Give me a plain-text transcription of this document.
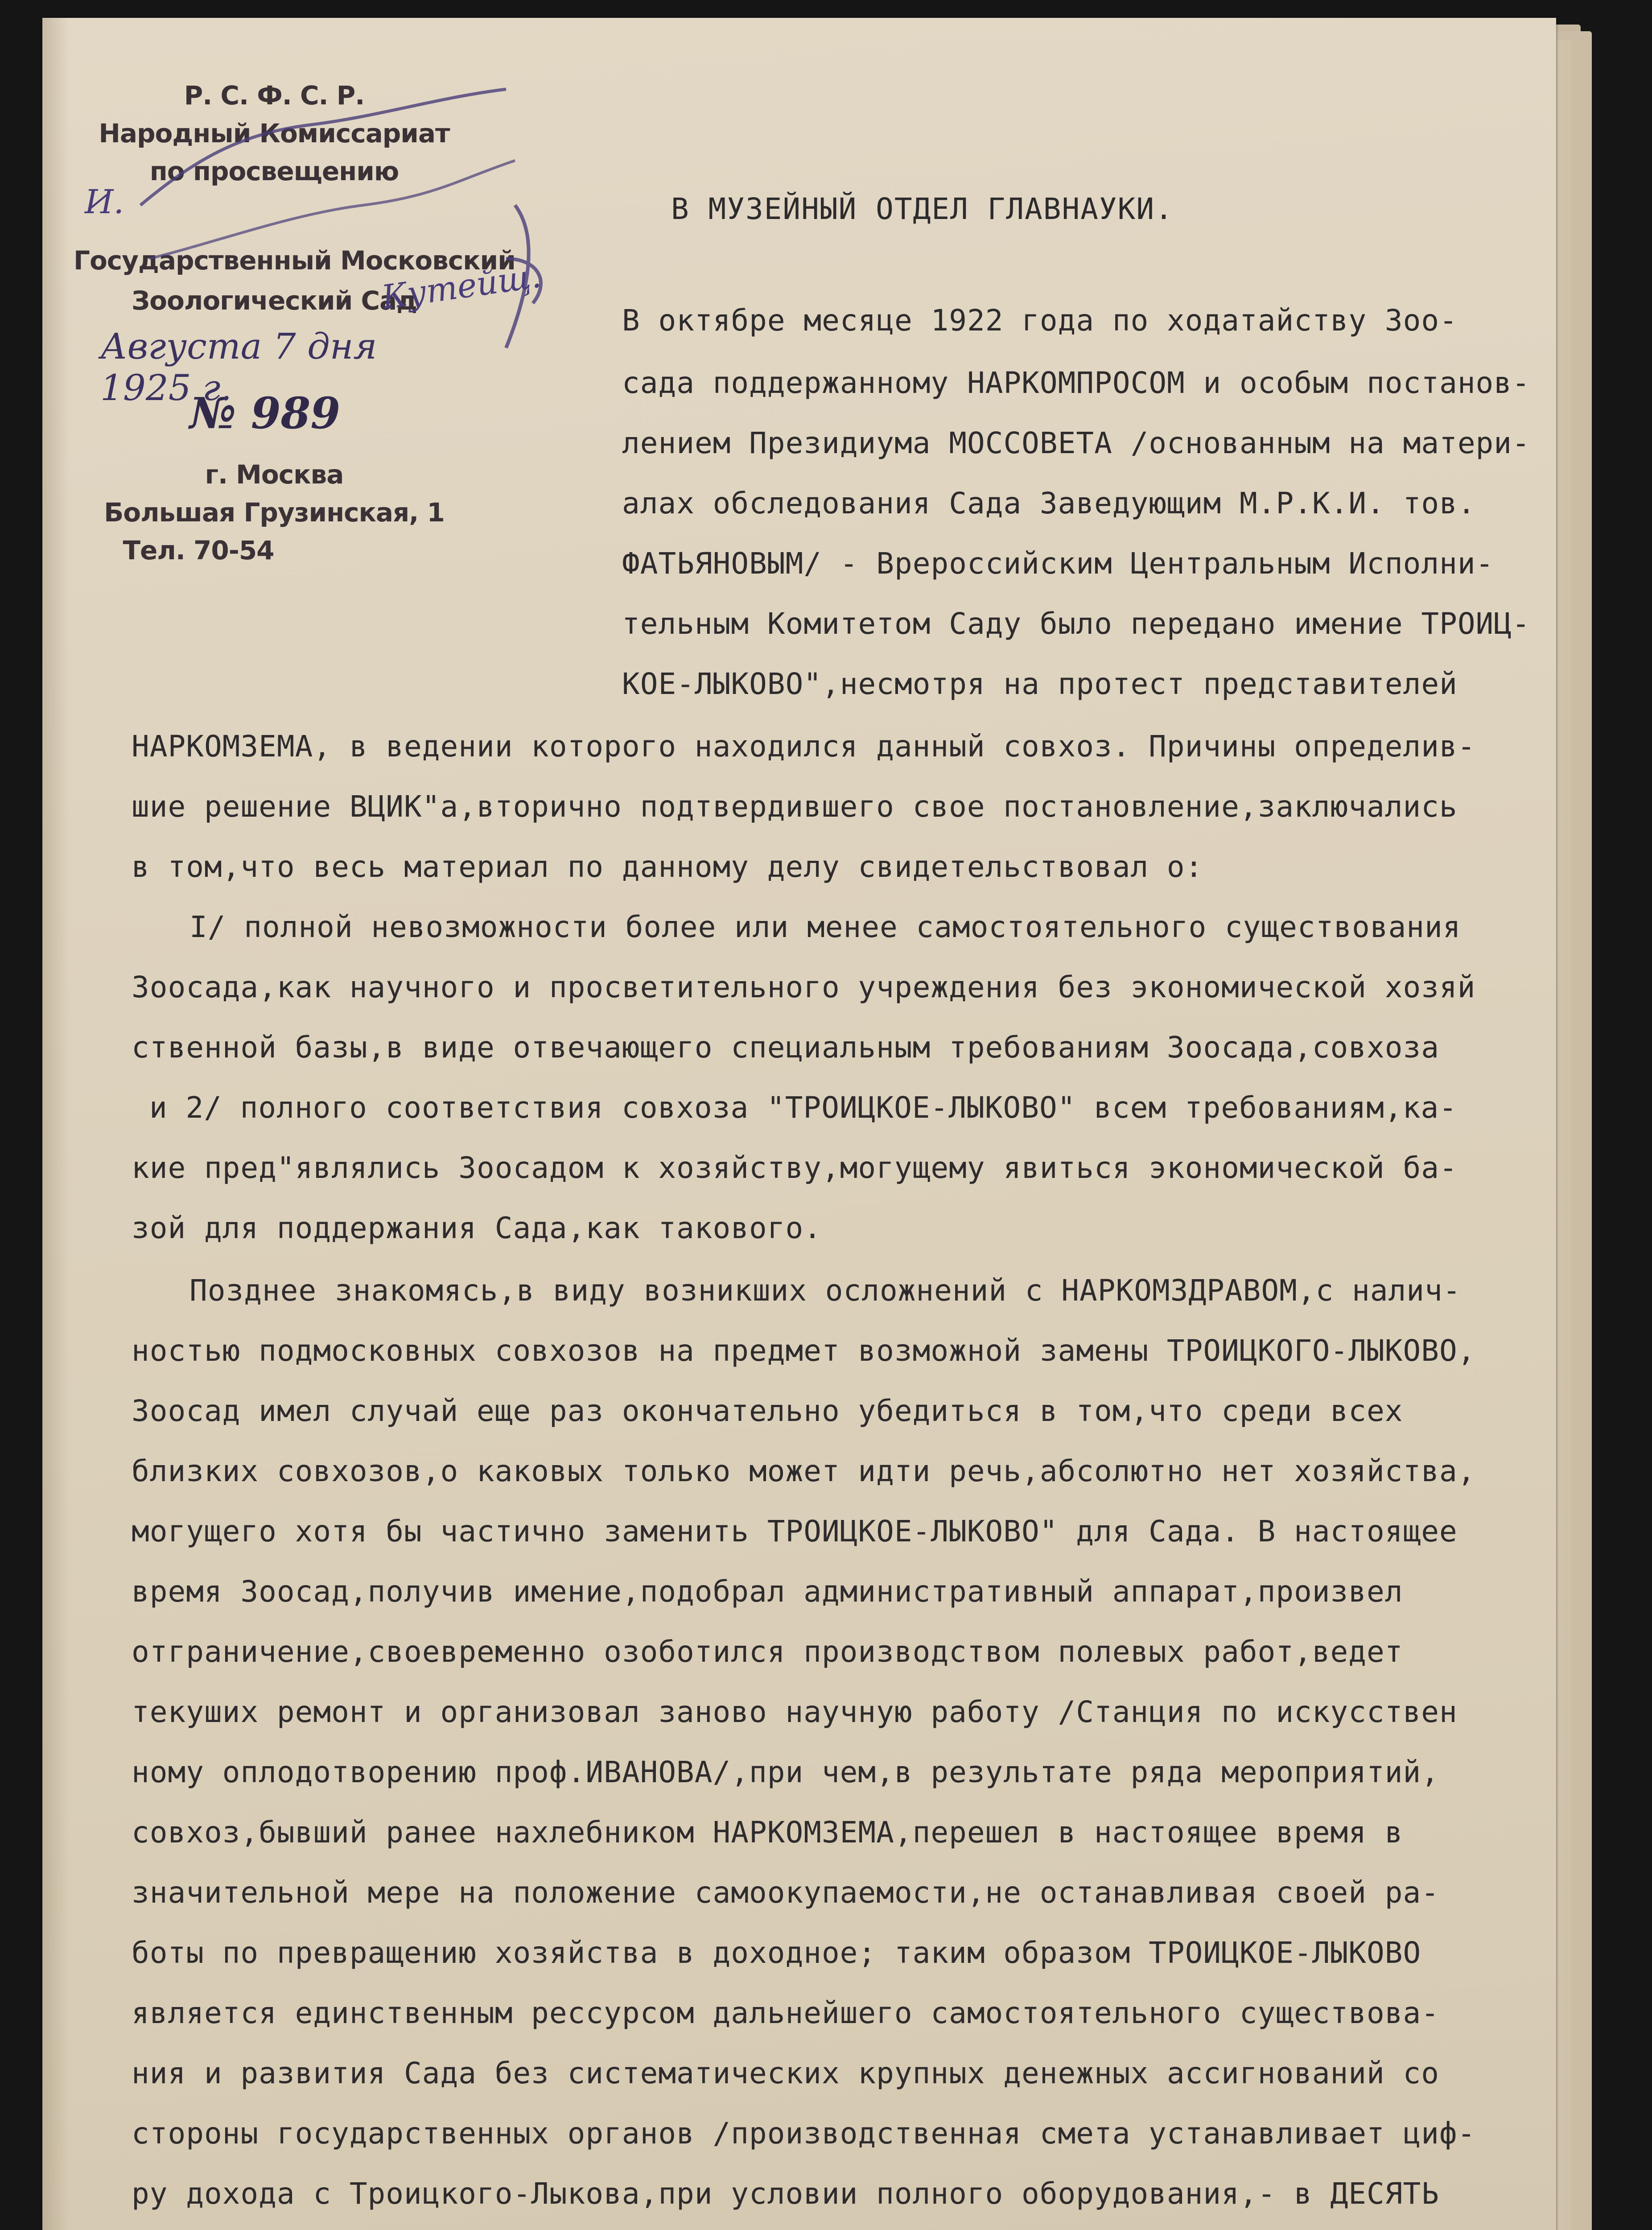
Р. С. Ф. С. Р.
Народный Комиссариат
по просвещению
Государственный Московский
Зоологический Сад
Августа 7 дня 1925 г.
№ 989
г. Москва
Большая Грузинская, 1
Тел. 70-54
И.
Кутейщ.
В МУЗЕЙНЫЙ ОТДЕЛ ГЛАВНАУКИ.
В октябре месяце 1922 года по ходатайству Зоо-
сада поддержанному НАРКОМПРОСОМ и особым постанов-
лением Президиума МОССОВЕТА /основанным на матери-
алах обследования Сада Заведующим М.Р.К.И. тов.
ФАТЬЯНОВЫМ/ - Врероссийским Центральным Исполни-
тельным Комитетом Саду было передано имение ТРОИЦ-
КОЕ-ЛЫКОВО",несмотря на протест представителей
НАРКОМЗЕМА, в ведении которого находился данный совхоз. Причины определив-
шие решение ВЦИК"а,вторично подтвердившего свое постановление,заключались
в том,что весь материал по данному делу свидетельствовал о:
I/ полной невозможности более или менее самостоятельного существования
Зоосада,как научного и просветительного учреждения без экономической хозяй
ственной базы,в виде отвечающего специальным требованиям Зоосада,совхоза
и 2/ полного соответствия совхоза "ТРОИЦКОЕ-ЛЫКОВО" всем требованиям,ка-
кие пред"являлись Зоосадом к хозяйству,могущему явиться экономической ба-
зой для поддержания Сада,как такового.
Позднее знакомясь,в виду возникших осложнений с НАРКОМЗДРАВОМ,с налич-
ностью подмосковных совхозов на предмет возможной замены ТРОИЦКОГО-ЛЫКОВО,
Зоосад имел случай еще раз окончательно убедиться в том,что среди всех
близких совхозов,о каковых только может идти речь,абсолютно нет хозяйства,
могущего хотя бы частично заменить ТРОИЦКОЕ-ЛЫКОВО" для Сада. В настоящее
время Зоосад,получив имение,подобрал административный аппарат,произвел
отграничение,своевременно озоботился производством полевых работ,ведет
текуших ремонт и организовал заново научную работу /Станция по искусствен
ному оплодотворению проф.ИВАНОВА/,при чем,в результате ряда мероприятий,
совхоз,бывший ранее нахлебником НАРКОМЗЕМА,перешел в настоящее время в
значительной мере на положение самоокупаемости,не останавливая своей ра-
боты по превращению хозяйства в доходное; таким образом ТРОИЦКОЕ-ЛЫКОВО
является единственным рессурсом дальнейшего самостоятельного существова-
ния и развития Сада без систематических крупных денежных ассигнований со
стороны государственных органов /производственная смета устанавливает циф-
ру дохода с Троицкого-Лыкова,при условии полного оборудования,- в ДЕСЯТЬ
